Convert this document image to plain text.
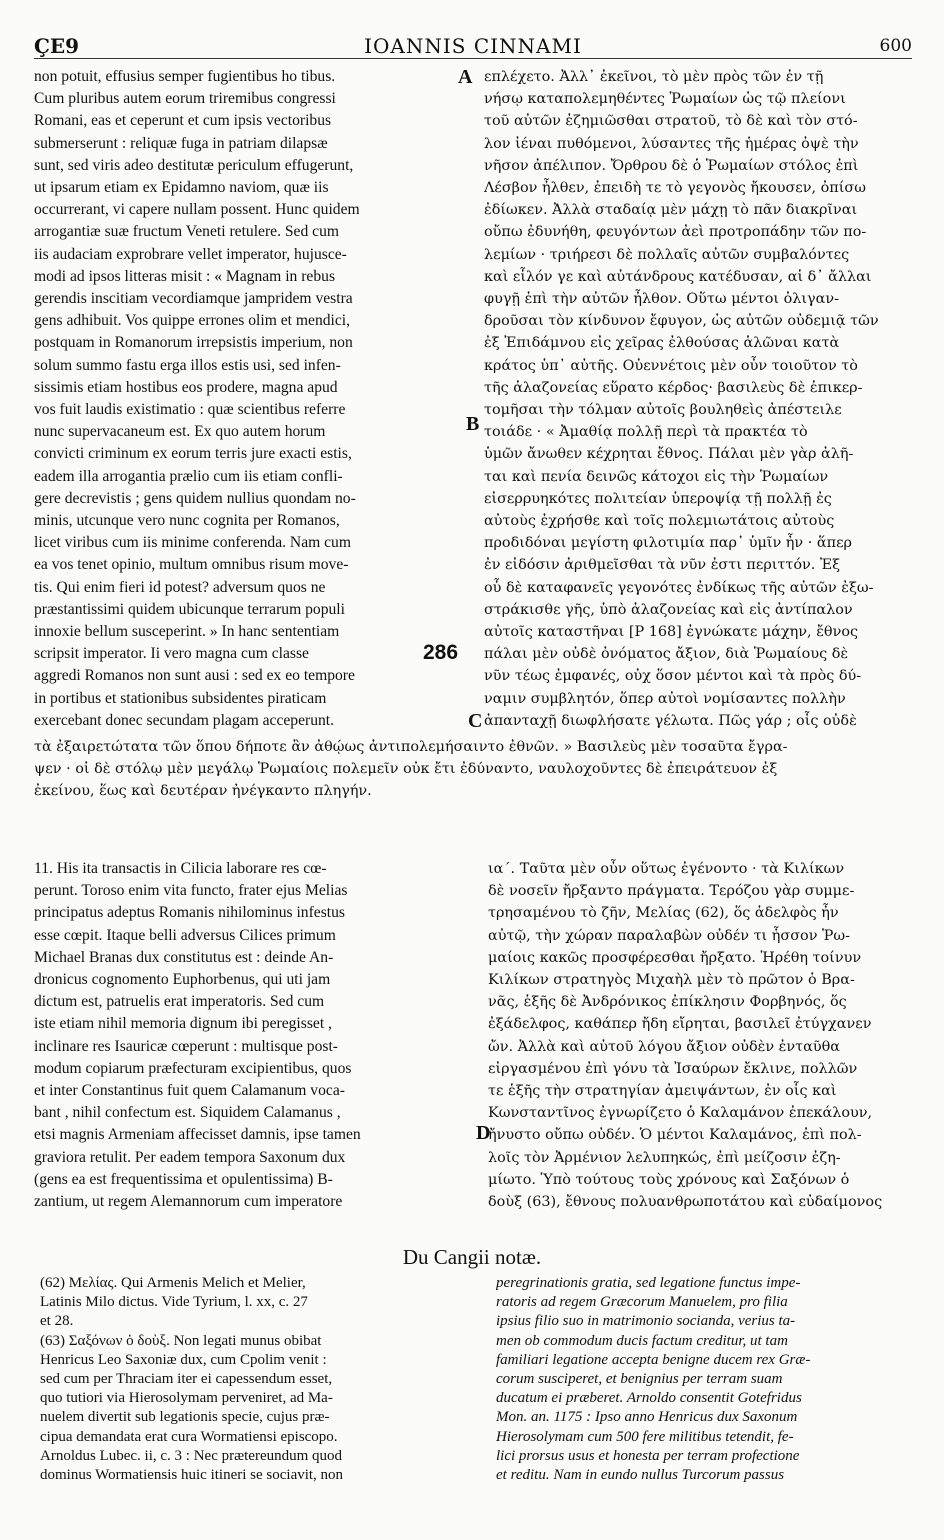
ÇE9	IOANNIS CINNAMI	600
non potuit, effusius semper fugientibus ho tibus.
Cum pluribus autem eorum triremibus congressi
Romani, eas et ceperunt et cum ipsis vectoribus
submerserunt : reliquæ fuga in patriam dilapsæ
sunt, sed viris adeo destitutæ periculum effugerunt,
ut ipsarum etiam ex Epidamno naviom, quæ iis
occurrerant, vi capere nullam possent. Hunc quidem
arrogantiæ suæ fructum Veneti retulere. Sed cum
iis audaciam exprobrare vellet imperator, hujusce-
modi ad ipsos litteras misit : « Magnam in rebus
gerendis inscitiam vecordiamque jampridem vestra
gens adhibuit. Vos quippe errones olim et mendici,
postquam in Romanorum irrepsistis imperium, non
solum summo fastu erga illos estis usi, sed infen-
sissimis etiam hostibus eos prodere, magna apud
vos fuit laudis existimatio : quæ scientibus referre
nunc supervacaneum est. Ex quo autem horum
convicti criminum ex eorum terris jure exacti estis,
eadem illa arrogantia prælio cum iis etiam confli-
gere decrevistis ; gens quidem nullius quondam no-
minis, utcunque vero nunc cognita per Romanos,
licet viribus cum iis minime conferenda. Nam cum
ea vos tenet opinio, multum omnibus risum move-
tis. Qui enim fieri id potest? adversum quos ne
præstantissimi quidem ubicunque terrarum populi
innoxie bellum susceperint. » In hanc sententiam
scripsit imperator. Ii vero magna cum classe
aggredi Romanos non sunt ausi : sed ex eo tempore
in portibus et stationibus subsidentes piraticam
exercebant donec secundam plagam acceperunt.
επλέχετο. Ἀλλ᾽ ἐκεῖνοι, τὸ μὲν πρὸς τῶν ἐν τῇ
νήσῳ καταπολεμηθέντες Ῥωμαίων ὡς τῷ πλείονι
τοῦ αὐτῶν ἐζημιῶσθαι στρατοῦ, τὸ δὲ καὶ τὸν στό-
λον ἰέναι πυθόμενοι, λύσαντες τῆς ἡμέρας ὀψὲ τὴν
νῆσον ἀπέλιπον. Ὄρθρου δὲ ὁ Ῥωμαίων στόλος ἐπὶ
Λέσβον ἦλθεν, ἐπειδὴ τε τὸ γεγονὸς ἤκουσεν, ὀπίσω
ἐδίωκεν. Ἀλλὰ σταδαίᾳ μὲν μάχῃ τὸ πᾶν διακρῖναι
οὔπω ἐδυνήθη, φευγόντων ἀεὶ προτροπάδην τῶν πο-
λεμίων · τριήρεσι δὲ πολλαῖς αὐτῶν συμβαλόντες
καὶ εἷλόν γε καὶ αὐτάνδρους κατέδυσαν, αἱ δ᾽ ἄλλαι
φυγῇ ἐπὶ τὴν αὐτῶν ἦλθον. Οὕτω μέντοι ὀλιγαν-
δροῦσαι τὸν κίνδυνον ἔφυγον, ὡς αὐτῶν οὐδεμιᾷ τῶν
ἐξ Ἐπιδάμνου εἰς χεῖρας ἐλθούσας ἁλῶναι κατὰ
κράτος ὑπ᾽ αὐτῆς. Οὐεννέτοις μὲν οὖν τοιοῦτον τὸ
τῆς ἀλαζονείας εὕρατο κέρδος· βασιλεὺς δὲ ἐπικερ-
τομῆσαι τὴν τόλμαν αὐτοῖς βουληθεὶς ἀπέστειλε
τοιάδε · « Ἀμαθίᾳ πολλῇ περὶ τὰ πρακτέα τὸ
ὑμῶν ἄνωθεν κέχρηται ἔθνος. Πάλαι μὲν γὰρ ἀλῆ-
ται καὶ πενία δεινῶς κάτοχοι εἰς τὴν Ῥωμαίων
εἰσερρυηκότες πολιτείαν ὑπεροψίᾳ τῇ πολλῇ ἐς
αὐτοὺς ἐχρήσθε καὶ τοῖς πολεμιωτάτοις αὐτοὺς
προδιδόναι μεγίστη φιλοτιμία παρ᾽ ὑμῖν ἦν · ἅπερ
ἐν εἰδόσιν ἀριθμεῖσθαι τὰ νῦν ἐστι περιττόν. Ἐξ
οὗ δὲ καταφανεῖς γεγονότες ἐνδίκως τῆς αὐτῶν ἐξω-
στράκισθε γῆς, ὑπὸ ἀλαζονείας καὶ εἰς ἀντίπαλον
αὐτοῖς καταστῆναι [P 168] ἐγνώκατε μάχην, ἔθνος
πάλαι μὲν οὐδὲ ὀνόματος ἄξιον, διὰ Ῥωμαίους δὲ
νῦν τέως ἐμφανές, οὐχ ὅσον μέντοι καὶ τὰ πρὸς δύ-
ναμιν συμβλητόν, ὅπερ αὐτοὶ νομίσαντες πολλὴν
ἀπανταχῇ διωφλήσατε γέλωτα. Πῶς γάρ ; οἷς οὐδὲ
τὰ ἐξαιρετώτατα τῶν ὅπου δήποτε ἂν ἀθῴως ἀντιπολεμήσαιντο ἐθνῶν. » Βασιλεὺς μὲν τοσαῦτα ἔγρα-
ψεν · οἱ δὲ στόλῳ μὲν μεγάλῳ Ῥωμαίοις πολεμεῖν οὐκ ἔτι ἐδύναντο, ναυλοχοῦντες δὲ ἐπειράτευον ἐξ
ἐκείνου, ἕως καὶ δευτέραν ἠνέγκαντο πληγήν.
11. His ita transactis in Cilicia laborare res cœ-
perunt. Toroso enim vita functo, frater ejus Melias
principatus adeptus Romanis nihilominus infestus
esse cœpit. Itaque belli adversus Cilices primum
Michael Branas dux constitutus est : deinde An-
dronicus cognomento Euphorbenus, qui uti jam
dictum est, patruelis erat imperatoris. Sed cum
iste etiam nihil memoria dignum ibi peregisset ,
inclinare res Isauricæ cœperunt : multisque post-
modum copiarum præfecturam excipientibus, quos
et inter Constantinus fuit quem Calamanum voca-
bant , nihil confectum est. Siquidem Calamanus ,
etsi magnis Armeniam affecisset damnis, ipse tamen
graviora retulit. Per eadem tempora Saxonum dux
(gens ea est frequentissima et opulentissima) B-
zantium, ut regem Alemannorum cum imperatore
ια΄. Ταῦτα μὲν οὖν οὕτως ἐγένοντο · τὰ Κιλίκων
δὲ νοσεῖν ἤρξαντο πράγματα. Τερόζου γὰρ συμμε-
τρησαμένου τὸ ζῆν, Μελίας (62), ὅς ἀδελφὸς ἦν
αὐτῷ, τὴν χώραν παραλαβὼν οὐδέν τι ἧσσον Ῥω-
μαίοις κακῶς προσφέρεσθαι ἤρξατο. Ἡρέθη τοίνυν
Κιλίκων στρατηγὸς Μιχαὴλ μὲν τὸ πρῶτον ὁ Βρα-
νᾶς, ἑξῆς δὲ Ἀνδρόνικος ἐπίκλησιν Φορβηνός, ὅς
ἐξάδελφος, καθάπερ ἤδη εἴρηται, βασιλεῖ ἐτύγχανεν
ὤν. Ἀλλὰ καὶ αὐτοῦ λόγου ἄξιον οὐδὲν ἐνταῦθα
εἰργασμένου ἐπὶ γόνυ τὰ Ἰσαύρων ἔκλινε, πολλῶν
τε ἑξῆς τὴν στρατηγίαν ἀμειψάντων, ἐν οἷς καὶ
Κωνσταντῖνος ἐγνωρίζετο ὁ Καλαμάνον ἐπεκάλουν,
ἤνυστο οὔπω οὐδέν. Ὁ μέντοι Καλαμάνος, ἐπὶ πολ-
λοῖς τὸν Ἀρμένιον λελυπηκώς, ἐπὶ μείζοσιν ἐζη-
μίωτο. Ὑπὸ τούτους τοὺς χρόνους καὶ Σαξόνων ὁ
δοὺξ (63), ἔθνους πολυανθρωποτάτου καὶ εὐδαίμονος
A
B
C
D
286
Du Cangii notæ.
(62) Μελίας. Qui Armenis Melich et Melier,
Latinis Milo dictus. Vide Tyrium, l. xx, c. 27
et 28.
(63) Σαξόνων ὁ δοὺξ. Non legati munus obibat
Henricus Leo Saxoniæ dux, cum Cpolim venit :
sed cum per Thraciam iter ei capessendum esset,
quo tutiori via Hierosolymam perveniret, ad Ma-
nuelem divertit sub legationis specie, cujus præ-
cipua demandata erat cura Wormatiensi episcopo.
Arnoldus Lubec. ii, c. 3 : Nec prætereundum quod
dominus Wormatiensis huic itineri se sociavit, non
peregrinationis gratia, sed legatione functus impe-
ratoris ad regem Græcorum Manuelem, pro filia
ipsius filio suo in matrimonio socianda, verius ta-
men ob commodum ducis factum creditur, ut tam
familiari legatione accepta benigne ducem rex Græ-
corum susciperet, et benignius per terram suam
ducatum ei præberet. Arnoldo consentit Gotefridus
Mon. an. 1175 : Ipso anno Henricus dux Saxonum
Hierosolymam cum 500 fere militibus tetendit, fe-
lici prorsus usus et honesta per terram profectione
et reditu. Nam in eundo nullus Turcorum passus
